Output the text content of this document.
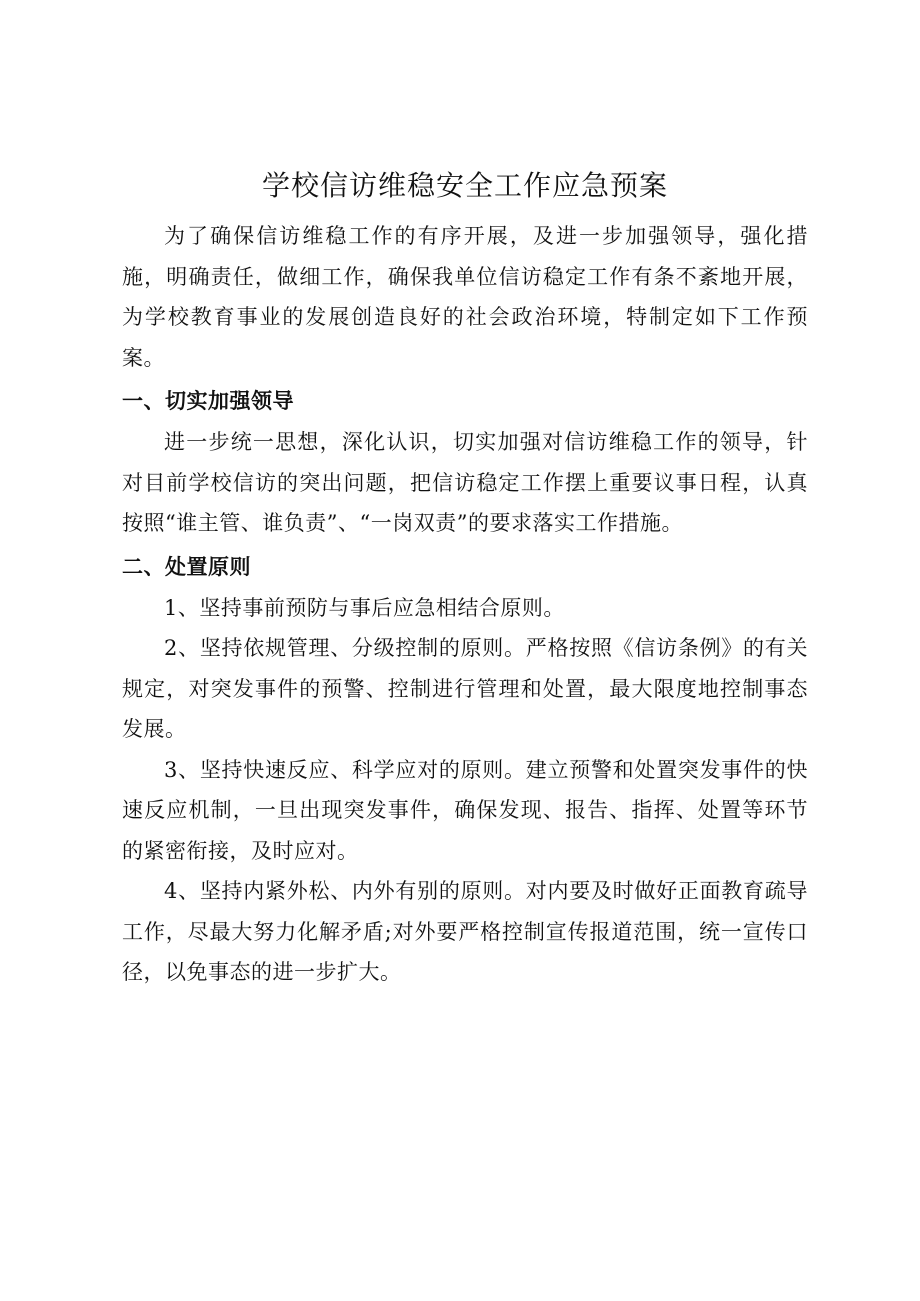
学校信访维稳安全工作应急预案

为了确保信访维稳工作的有序开展，及进一步加强领导，强化措施，明确责任，做细工作，确保我单位信访稳定工作有条不紊地开展，为学校教育事业的发展创造良好的社会政治环境，特制定如下工作预案。

一、切实加强领导

进一步统一思想，深化认识，切实加强对信访维稳工作的领导，针对目前学校信访的突出问题，把信访稳定工作摆上重要议事日程，认真按照“谁主管、谁负责”、“一岗双责”的要求落实工作措施。

二、处置原则

1、坚持事前预防与事后应急相结合原则。

2、坚持依规管理、分级控制的原则。严格按照《信访条例》的有关规定，对突发事件的预警、控制进行管理和处置，最大限度地控制事态发展。

3、坚持快速反应、科学应对的原则。建立预警和处置突发事件的快速反应机制，一旦出现突发事件，确保发现、报告、指挥、处置等环节的紧密衔接，及时应对。

4、坚持内紧外松、内外有别的原则。对内要及时做好正面教育疏导工作，尽最大努力化解矛盾;对外要严格控制宣传报道范围，统一宣传口径，以免事态的进一步扩大。
